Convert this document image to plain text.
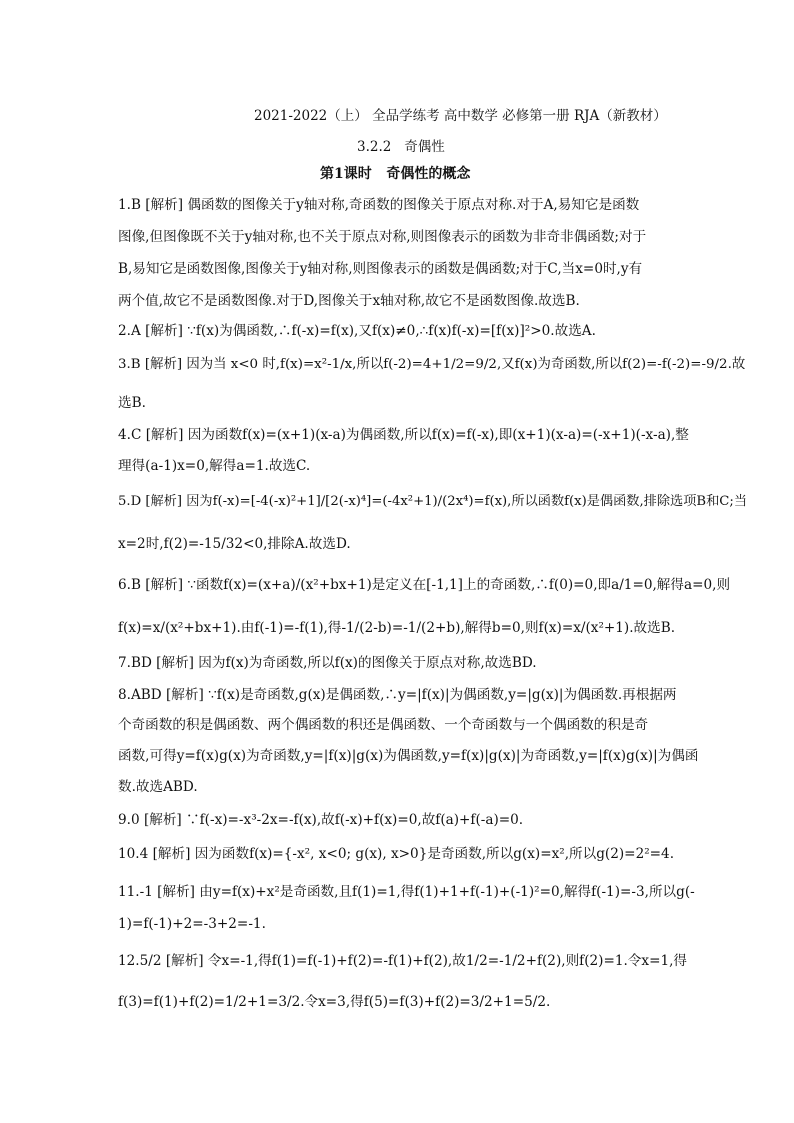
2021-2022（上） 全品学练考 高中数学 必修第一册 RJA（新教材）
3.2.2 奇偶性
第1课时 奇偶性的概念
1.B [解析] 偶函数的图像关于y轴对称,奇函数的图像关于原点对称.对于A,易知它是函数
图像,但图像既不关于y轴对称,也不关于原点对称,则图像表示的函数为非奇非偶函数;对于
B,易知它是函数图像,图像关于y轴对称,则图像表示的函数是偶函数;对于C,当x=0时,y有
两个值,故它不是函数图像.对于D,图像关于x轴对称,故它不是函数图像.故选B.
2.A [解析] ∵f(x)为偶函数,∴f(-x)=f(x),又f(x)≠0,∴f(x)f(-x)=[f(x)]²>0.故选A.
3.B [解析] 因为当 x<0 时,f(x)=x²-1/x,所以f(-2)=4+1/2=9/2,又f(x)为奇函数,所以f(2)=-f(-2)=-9/2.故
选B.
4.C [解析] 因为函数f(x)=(x+1)(x-a)为偶函数,所以f(x)=f(-x),即(x+1)(x-a)=(-x+1)(-x-a),整
理得(a-1)x=0,解得a=1.故选C.
5.D [解析] 因为f(-x)=[-4(-x)²+1]/[2(-x)⁴]=(-4x²+1)/(2x⁴)=f(x),所以函数f(x)是偶函数,排除选项B和C;当
x=2时,f(2)=-15/32<0,排除A.故选D.
6.B [解析] ∵函数f(x)=(x+a)/(x²+bx+1)是定义在[-1,1]上的奇函数,∴f(0)=0,即a/1=0,解得a=0,则
f(x)=x/(x²+bx+1).由f(-1)=-f(1),得-1/(2-b)=-1/(2+b),解得b=0,则f(x)=x/(x²+1).故选B.
7.BD [解析] 因为f(x)为奇函数,所以f(x)的图像关于原点对称,故选BD.
8.ABD [解析] ∵f(x)是奇函数,g(x)是偶函数,∴y=|f(x)|为偶函数,y=|g(x)|为偶函数.再根据两
个奇函数的积是偶函数、两个偶函数的积还是偶函数、一个奇函数与一个偶函数的积是奇
函数,可得y=f(x)g(x)为奇函数,y=|f(x)|g(x)为偶函数,y=f(x)|g(x)|为奇函数,y=|f(x)g(x)|为偶函
数.故选ABD.
9.0 [解析] ∵f(-x)=-x³-2x=-f(x),故f(-x)+f(x)=0,故f(a)+f(-a)=0.
10.4 [解析] 因为函数f(x)={-x², x<0; g(x), x>0}是奇函数,所以g(x)=x²,所以g(2)=2²=4.
11.-1 [解析] 由y=f(x)+x²是奇函数,且f(1)=1,得f(1)+1+f(-1)+(-1)²=0,解得f(-1)=-3,所以g(-
1)=f(-1)+2=-3+2=-1.
12.5/2 [解析] 令x=-1,得f(1)=f(-1)+f(2)=-f(1)+f(2),故1/2=-1/2+f(2),则f(2)=1.令x=1,得
f(3)=f(1)+f(2)=1/2+1=3/2.令x=3,得f(5)=f(3)+f(2)=3/2+1=5/2.
